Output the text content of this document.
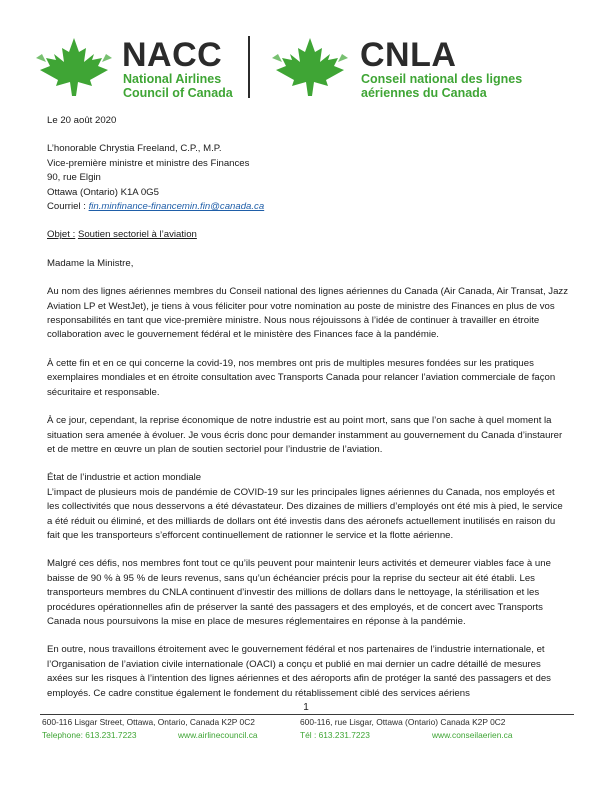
NACC
National Airlines
Council of Canada
CNLA
Conseil national des lignes
aériennes du Canada

Le 20 août 2020

L’honorable Chrystia Freeland, C.P., M.P.

Vice-première ministre et ministre des Finances

90, rue Elgin

Ottawa (Ontario) K1A 0G5

Courriel : fin.minfinance-financemin.fin@canada.ca

Objet : Soutien sectoriel à l’aviation

Madame la Ministre,

Au nom des lignes aériennes membres du Conseil national des lignes aériennes du Canada (Air Canada, Air Transat, Jazz Aviation LP et WestJet), je tiens à vous féliciter pour votre nomination au poste de ministre des Finances en plus de vos responsabilités en tant que vice-première ministre. Nous nous réjouissons à l’idée de continuer à travailler en étroite collaboration avec le gouvernement fédéral et le ministère des Finances face à la pandémie.

À cette fin et en ce qui concerne la covid-19, nos membres ont pris de multiples mesures fondées sur les pratiques exemplaires mondiales et en étroite consultation avec Transports Canada pour relancer l’aviation commerciale de façon sécuritaire et responsable.

À ce jour, cependant, la reprise économique de notre industrie est au point mort, sans que l’on sache à quel moment la situation sera amenée à évoluer. Je vous écris donc pour demander instamment au gouvernement du Canada d’instaurer et de mettre en œuvre un plan de soutien sectoriel pour l’industrie de l’aviation.

État de l’industrie et action mondiale

L’impact de plusieurs mois de pandémie de COVID-19 sur les principales lignes aériennes du Canada, nos employés et les collectivités que nous desservons a été dévastateur. Des dizaines de milliers d’employés ont été mis à pied, le service a été réduit ou éliminé, et des milliards de dollars ont été investis dans des aéronefs actuellement inutilisés en raison du fait que les transporteurs s’efforcent continuellement de rationner le service et la flotte aérienne.

Malgré ces défis, nos membres font tout ce qu’ils peuvent pour maintenir leurs activités et demeurer viables face à une baisse de 90 % à 95 % de leurs revenus, sans qu’un échéancier précis pour la reprise du secteur ait été établi. Les transporteurs membres du CNLA continuent d’investir des millions de dollars dans le nettoyage, la stérilisation et les procédures opérationnelles afin de préserver la santé des passagers et des employés, et de concert avec Transports Canada nous poursuivons la mise en place de mesures réglementaires en réponse à la pandémie.

En outre, nous travaillons étroitement avec le gouvernement fédéral et nos partenaires de l’industrie internationale, et l’Organisation de l’aviation civile internationale (OACI) a conçu et publié en mai dernier un cadre détaillé de mesures axées sur les risques à l’intention des lignes aériennes et des aéroports afin de protéger la santé des passagers et des employés. Ce cadre constitue également le fondement du rétablissement ciblé des services aériens

1
600-116 Lisgar Street, Ottawa, Ontario, Canada K2P 0C2
Telephone: 613.231.7223	www.airlinecouncil.ca
600-116, rue Lisgar, Ottawa (Ontario) Canada K2P 0C2
Tél : 613.231.7223	www.conseilaerien.ca
